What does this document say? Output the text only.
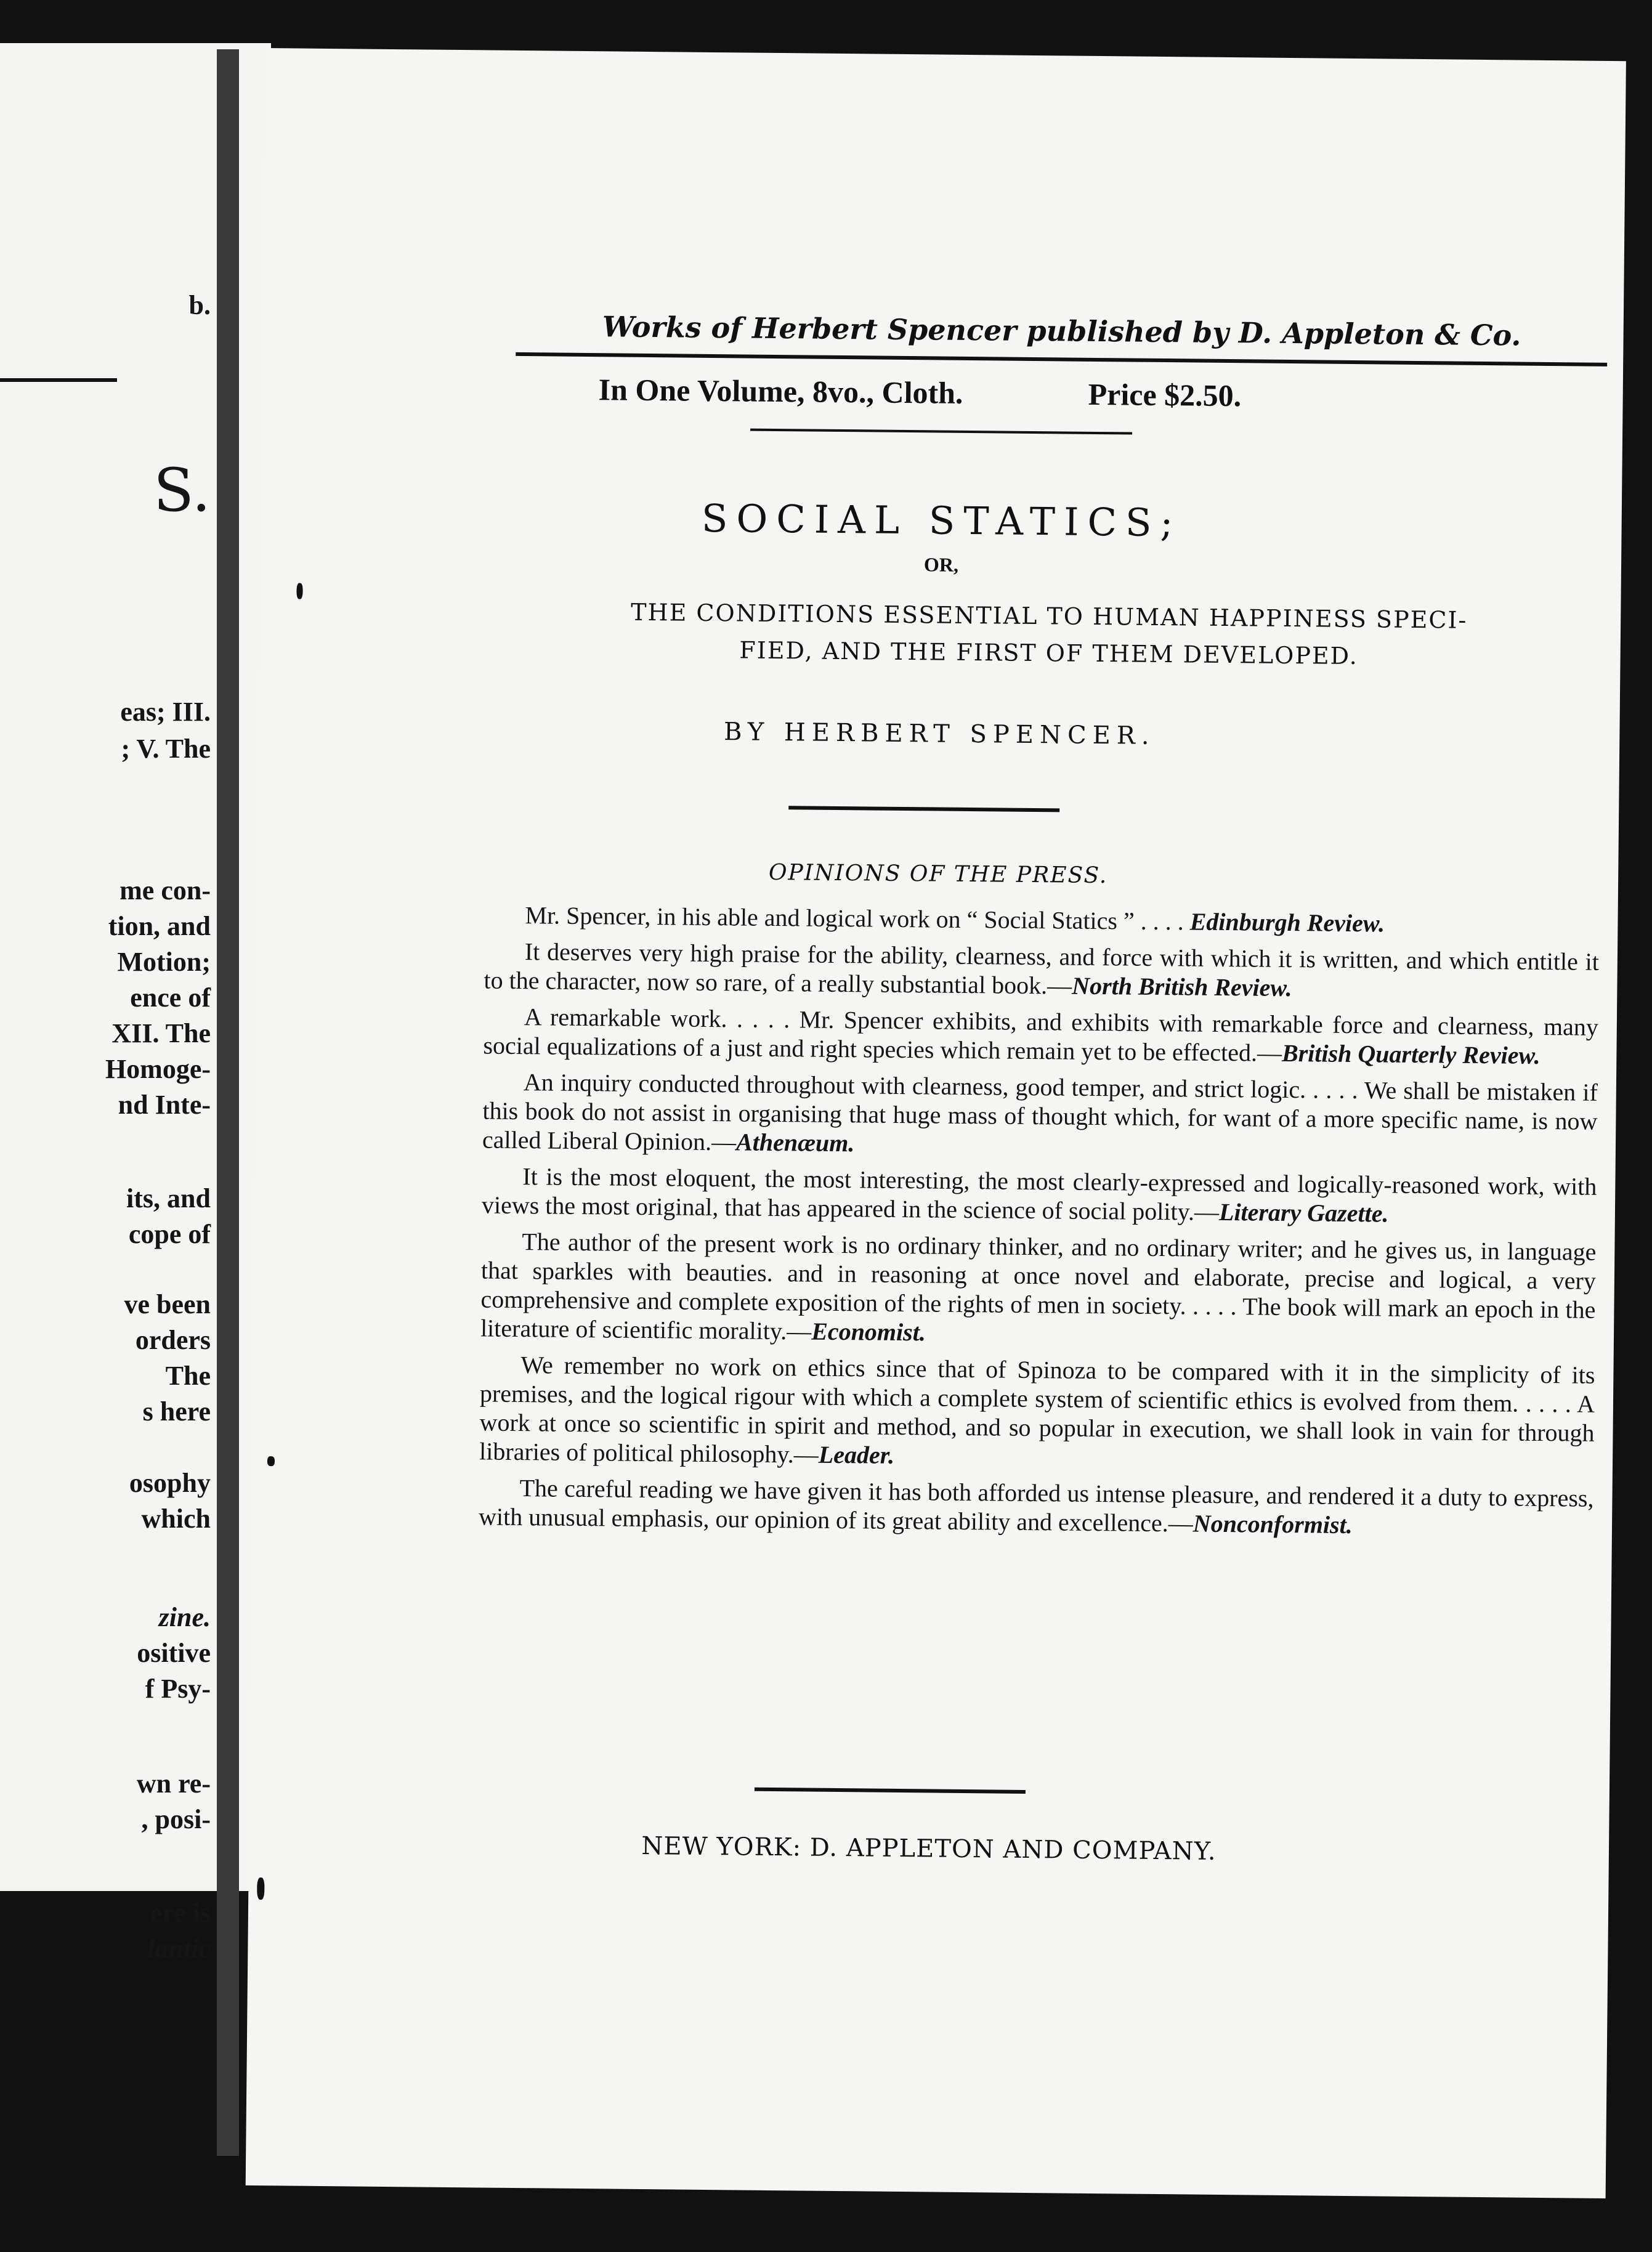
b.
S.
eas; III.
; V. The
me con-
tion, and
Motion;
ence of
XII. The
Homoge-
nd Inte-
its, and
cope of
ve been
orders
The
s here
osophy
which
zine.
ositive
f Psy-
wn re-
, posi-
ere is
lantic
Works of Herbert Spencer published by D. Appleton & Co.
In One Volume, 8vo., Cloth.	Price $2.50.
SOCIAL STATICS;
OR,
THE CONDITIONS ESSENTIAL TO HUMAN HAPPINESS SPECI-
FIED, AND THE FIRST OF THEM DEVELOPED.
BY HERBERT SPENCER.
OPINIONS OF THE PRESS.

Mr. Spencer, in his able and logical work on “ Social Statics ” . . . . Edinburgh Review.

It deserves very high praise for the ability, clearness, and force with which it is written, and which entitle it to the character, now so rare, of a really substantial book.—North British Review.

A remarkable work. . . . . Mr. Spencer exhibits, and exhibits with remarkable force and clearness, many social equalizations of a just and right species which remain yet to be effected.—British Quarterly Review.

An inquiry conducted throughout with clearness, good temper, and strict logic. . . . . We shall be mistaken if this book do not assist in organising that huge mass of thought which, for want of a more specific name, is now called Liberal Opinion.—Athenæum.

It is the most eloquent, the most interesting, the most clearly-expressed and logically-reasoned work, with views the most original, that has appeared in the science of social polity.—Literary Gazette.

The author of the present work is no ordinary thinker, and no ordinary writer; and he gives us, in language that sparkles with beauties. and in reasoning at once novel and elaborate, precise and logical, a very comprehensive and complete exposition of the rights of men in society. . . . . The book will mark an epoch in the literature of scientific morality.—Economist.

We remember no work on ethics since that of Spinoza to be compared with it in the simplicity of its premises, and the logical rigour with which a complete system of scientific ethics is evolved from them. . . . . A work at once so scientific in spirit and method, and so popular in execution, we shall look in vain for through libraries of political philosophy.—Leader.

The careful reading we have given it has both afforded us intense pleasure, and rendered it a duty to express, with unusual emphasis, our opinion of its great ability and excellence.—Nonconformist.

NEW YORK: D. APPLETON AND COMPANY.
